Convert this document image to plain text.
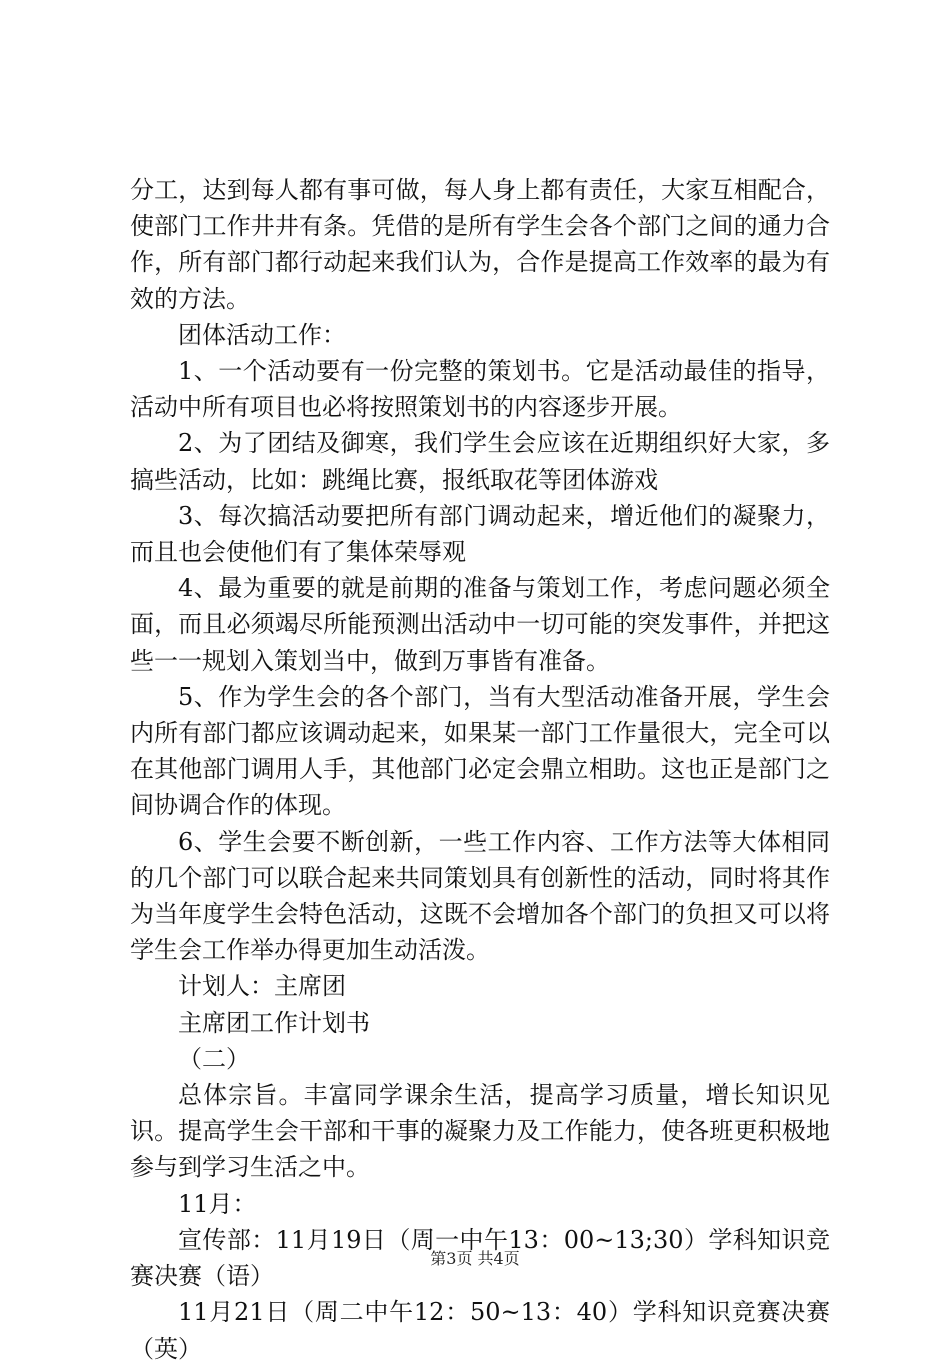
分工，达到每人都有事可做，每人身上都有责任，大家互相配合，使部门工作井井有条。凭借的是所有学生会各个部门之间的通力合作，所有部门都行动起来我们认为，合作是提高工作效率的最为有效的方法。

团体活动工作：

1、一个活动要有一份完整的策划书。它是活动最佳的指导，活动中所有项目也必将按照策划书的内容逐步开展。

2、为了团结及御寒，我们学生会应该在近期组织好大家，多搞些活动，比如：跳绳比赛，报纸取花等团体游戏

3、每次搞活动要把所有部门调动起来，增近他们的凝聚力，而且也会使他们有了集体荣辱观

4、最为重要的就是前期的准备与策划工作，考虑问题必须全面，而且必须竭尽所能预测出活动中一切可能的突发事件，并把这些一一规划入策划当中，做到万事皆有准备。

5、作为学生会的各个部门，当有大型活动准备开展，学生会内所有部门都应该调动起来，如果某一部门工作量很大，完全可以在其他部门调用人手，其他部门必定会鼎立相助。这也正是部门之间协调合作的体现。

6、学生会要不断创新，一些工作内容、工作方法等大体相同的几个部门可以联合起来共同策划具有创新性的活动，同时将其作为当年度学生会特色活动，这既不会增加各个部门的负担又可以将学生会工作举办得更加生动活泼。

计划人：主席团

主席团工作计划书

（二）

总体宗旨。丰富同学课余生活，提高学习质量，增长知识见识。提高学生会干部和干事的凝聚力及工作能力，使各班更积极地参与到学习生活之中。

11月：

宣传部：11月19日（周一中午13：00~13;30）学科知识竞赛决赛（语）

11月21日（周二中午12：50~13：40）学科知识竞赛决赛（英）

第3页 共4页
